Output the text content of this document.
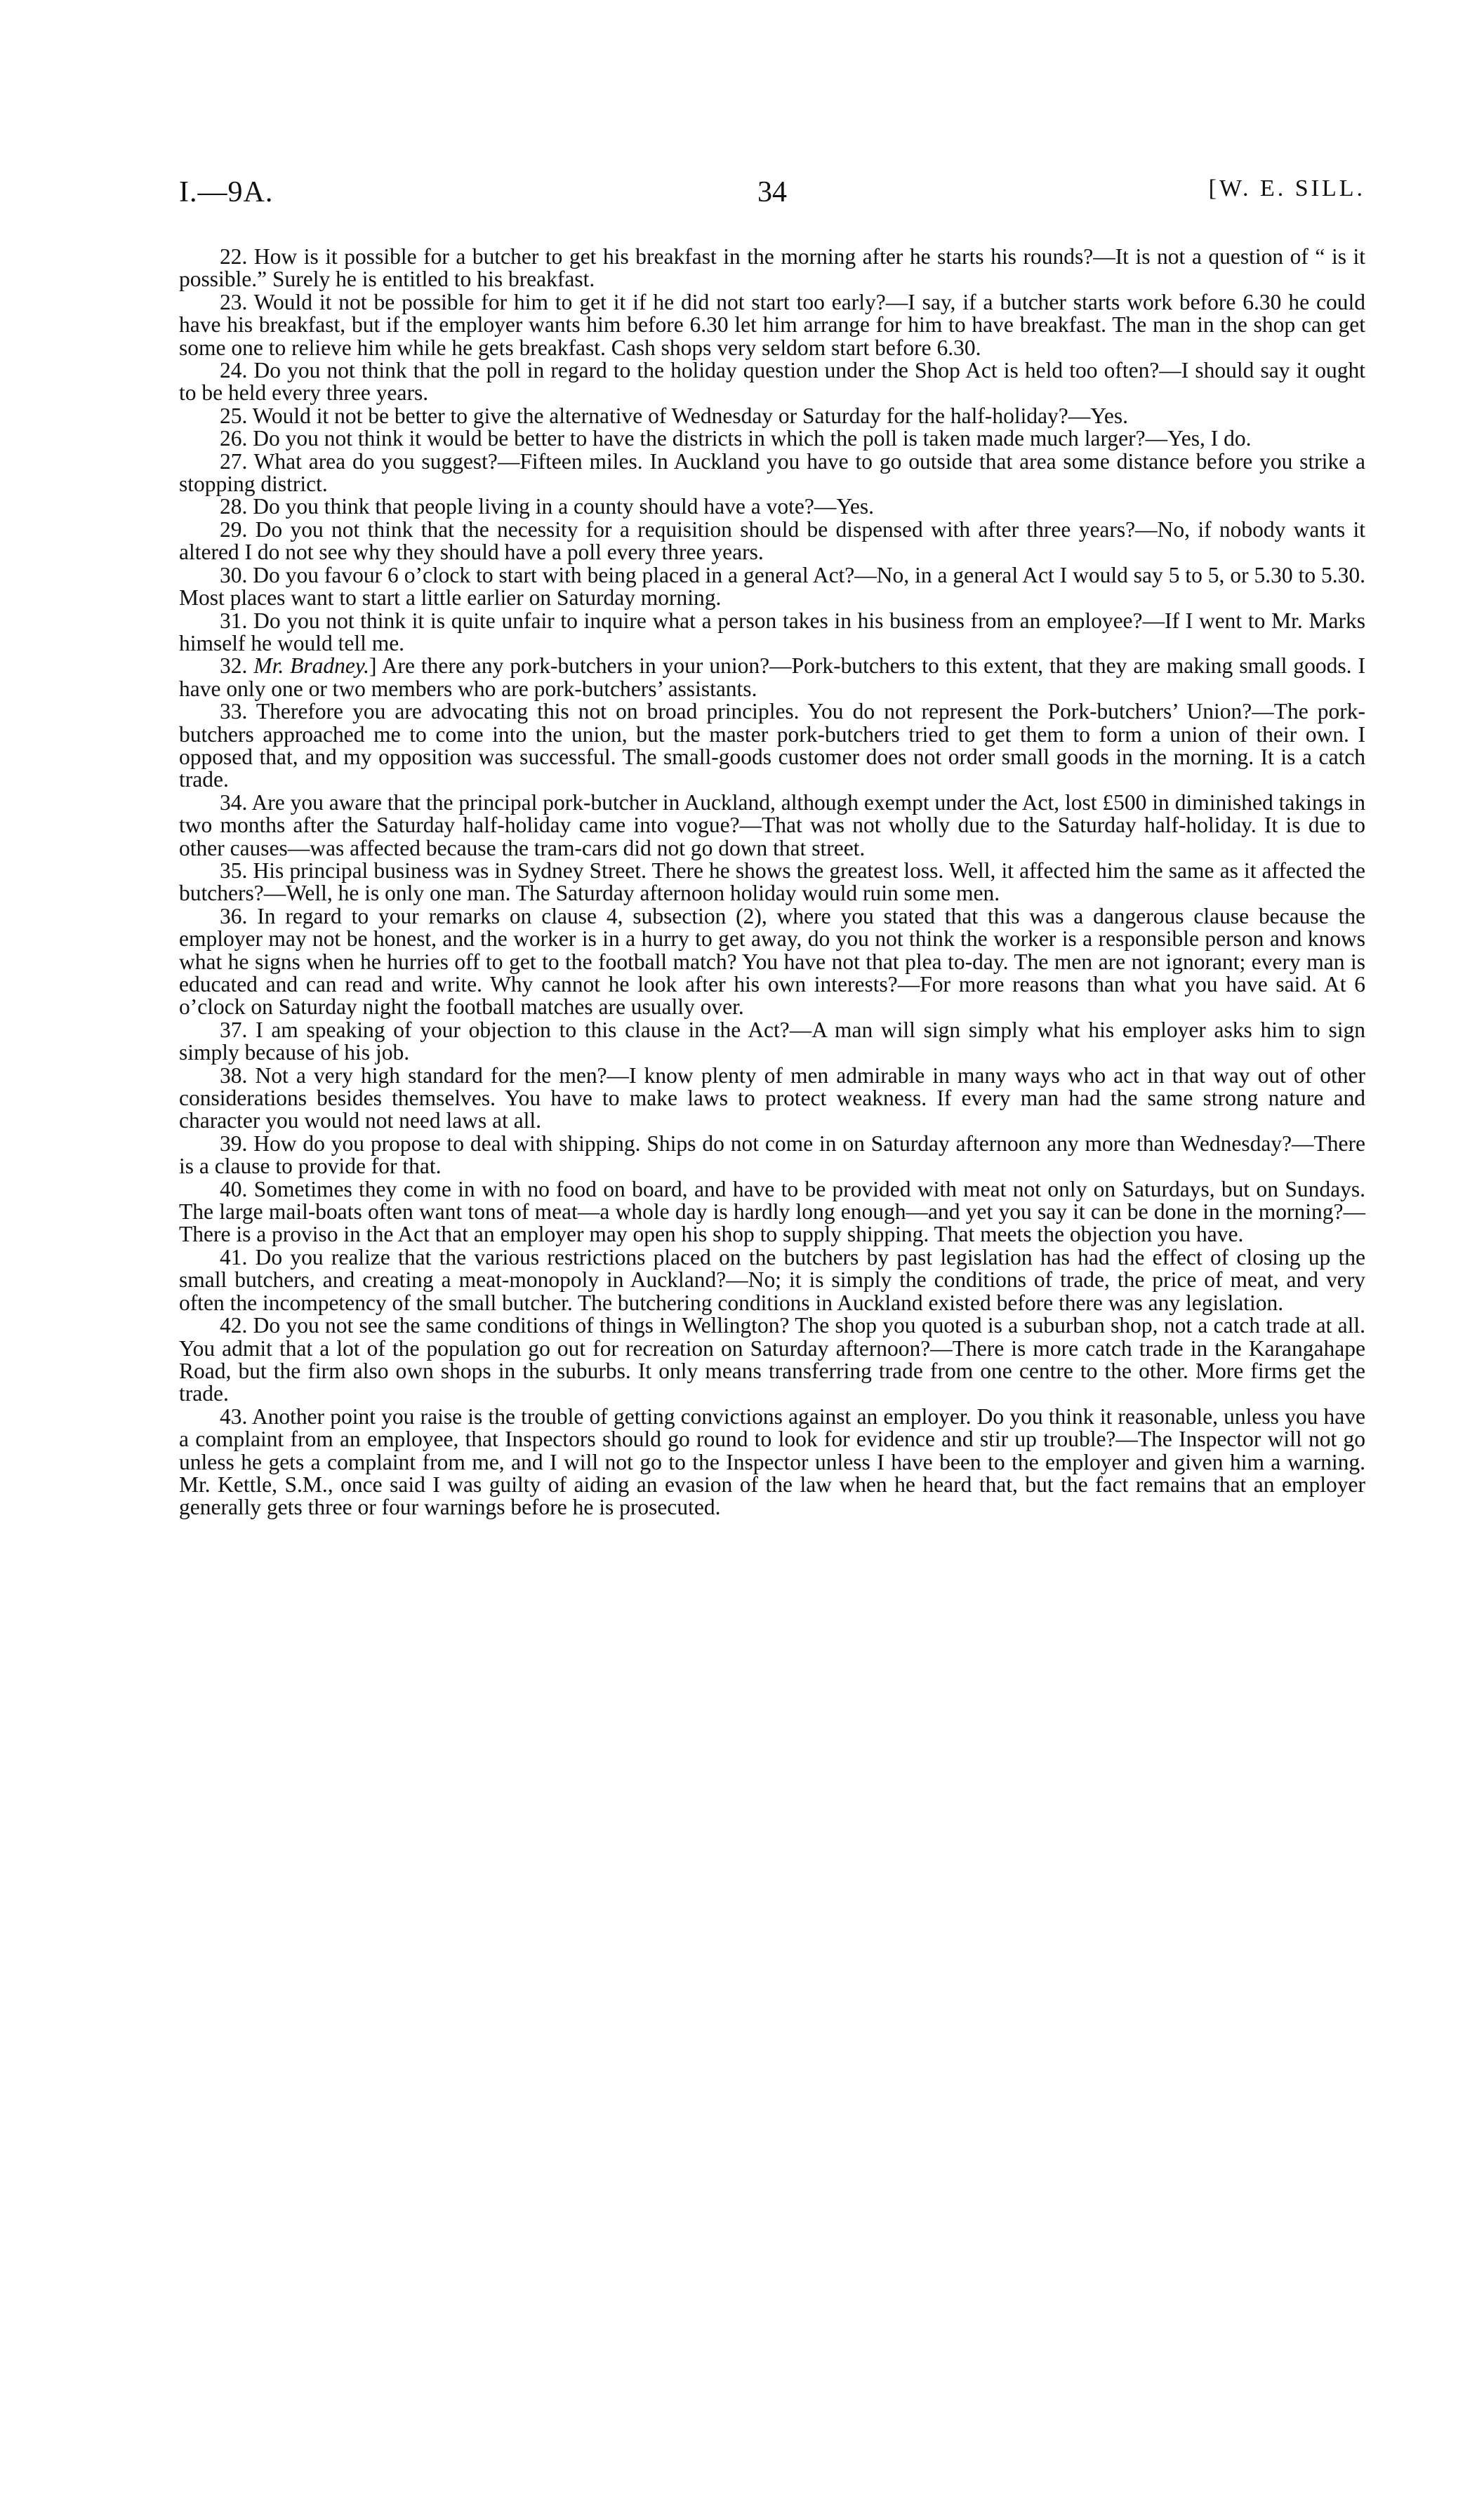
I.—9A.	34	[W. E. SILL.

22. How is it possible for a butcher to get his breakfast in the morning after he starts his rounds?—It is not a question of “ is it possible.” Surely he is entitled to his breakfast.

23. Would it not be possible for him to get it if he did not start too early?—I say, if a butcher starts work before 6.30 he could have his breakfast, but if the employer wants him before 6.30 let him arrange for him to have breakfast. The man in the shop can get some one to relieve him while he gets breakfast. Cash shops very seldom start before 6.30.

24. Do you not think that the poll in regard to the holiday question under the Shop Act is held too often?—I should say it ought to be held every three years.

25. Would it not be better to give the alternative of Wednesday or Saturday for the half-holiday?—Yes.

26. Do you not think it would be better to have the districts in which the poll is taken made much larger?—Yes, I do.

27. What area do you suggest?—Fifteen miles. In Auckland you have to go outside that area some distance before you strike a stopping district.

28. Do you think that people living in a county should have a vote?—Yes.

29. Do you not think that the necessity for a requisition should be dispensed with after three years?—No, if nobody wants it altered I do not see why they should have a poll every three years.

30. Do you favour 6 o’clock to start with being placed in a general Act?—No, in a general Act I would say 5 to 5, or 5.30 to 5.30. Most places want to start a little earlier on Saturday morning.

31. Do you not think it is quite unfair to inquire what a person takes in his business from an employee?—If I went to Mr. Marks himself he would tell me.

32. Mr. Bradney.] Are there any pork-butchers in your union?—Pork-butchers to this extent, that they are making small goods. I have only one or two members who are pork-butchers’ assistants.

33. Therefore you are advocating this not on broad principles. You do not represent the Pork-butchers’ Union?—The pork-butchers approached me to come into the union, but the master pork-butchers tried to get them to form a union of their own. I opposed that, and my opposition was successful. The small-goods customer does not order small goods in the morning. It is a catch trade.

34. Are you aware that the principal pork-butcher in Auckland, although exempt under the Act, lost £500 in diminished takings in two months after the Saturday half-holiday came into vogue?—That was not wholly due to the Saturday half-holiday. It is due to other causes—was affected because the tram-cars did not go down that street.

35. His principal business was in Sydney Street. There he shows the greatest loss. Well, it affected him the same as it affected the butchers?—Well, he is only one man. The Saturday afternoon holiday would ruin some men.

36. In regard to your remarks on clause 4, subsection (2), where you stated that this was a dangerous clause because the employer may not be honest, and the worker is in a hurry to get away, do you not think the worker is a responsible person and knows what he signs when he hurries off to get to the football match? You have not that plea to-day. The men are not ignorant; every man is educated and can read and write. Why cannot he look after his own interests?—For more reasons than what you have said. At 6 o’clock on Saturday night the football matches are usually over.

37. I am speaking of your objection to this clause in the Act?—A man will sign simply what his employer asks him to sign simply because of his job.

38. Not a very high standard for the men?—I know plenty of men admirable in many ways who act in that way out of other considerations besides themselves. You have to make laws to protect weakness. If every man had the same strong nature and character you would not need laws at all.

39. How do you propose to deal with shipping. Ships do not come in on Saturday afternoon any more than Wednesday?—There is a clause to provide for that.

40. Sometimes they come in with no food on board, and have to be provided with meat not only on Saturdays, but on Sundays. The large mail-boats often want tons of meat—a whole day is hardly long enough—and yet you say it can be done in the morning?—There is a proviso in the Act that an employer may open his shop to supply shipping. That meets the objection you have.

41. Do you realize that the various restrictions placed on the butchers by past legislation has had the effect of closing up the small butchers, and creating a meat-monopoly in Auckland?—No; it is simply the conditions of trade, the price of meat, and very often the incompetency of the small butcher. The butchering conditions in Auckland existed before there was any legislation.

42. Do you not see the same conditions of things in Wellington? The shop you quoted is a suburban shop, not a catch trade at all. You admit that a lot of the population go out for recreation on Saturday afternoon?—There is more catch trade in the Karangahape Road, but the firm also own shops in the suburbs. It only means transferring trade from one centre to the other. More firms get the trade.

43. Another point you raise is the trouble of getting convictions against an employer. Do you think it reasonable, unless you have a complaint from an employee, that Inspectors should go round to look for evidence and stir up trouble?—The Inspector will not go unless he gets a complaint from me, and I will not go to the Inspector unless I have been to the employer and given him a warning. Mr. Kettle, S.M., once said I was guilty of aiding an evasion of the law when he heard that, but the fact remains that an employer generally gets three or four warnings before he is prosecuted.
